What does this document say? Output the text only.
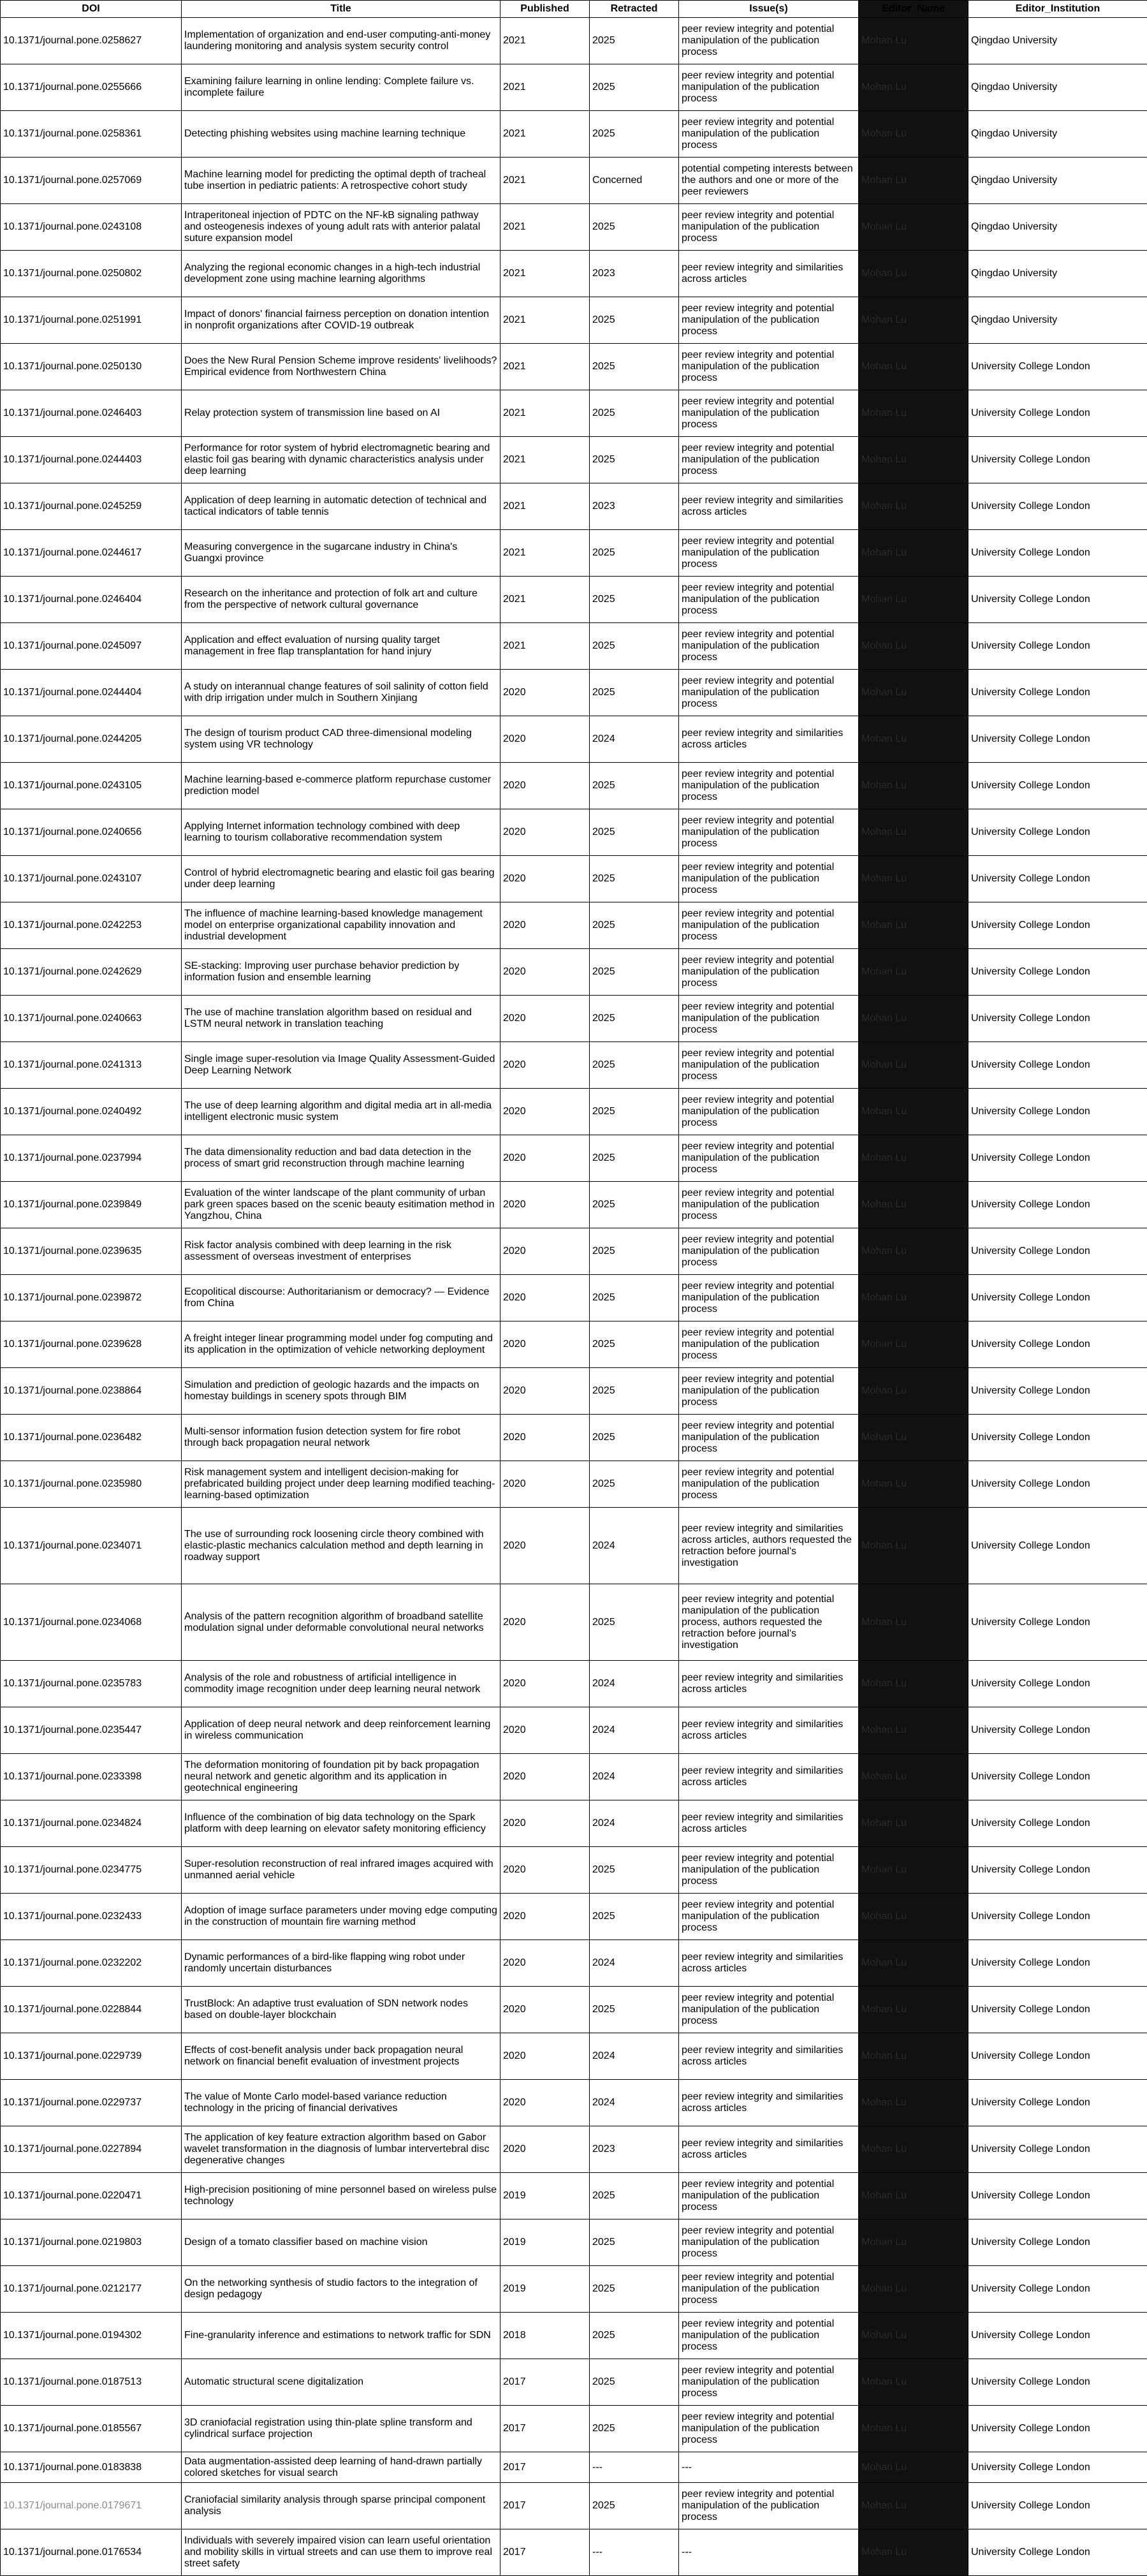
DOI	Title	Published	Retracted	Issue(s)	Editor_Name	Editor_Institution
10.1371/journal.pone.0258627	Implementation of organization and end-user computing-anti-money laundering monitoring and analysis system security control	2021	2025	peer review integrity and potential manipulation of the publication process	Mohan Lu	Qingdao University
10.1371/journal.pone.0255666	Examining failure learning in online lending: Complete failure vs. incomplete failure	2021	2025	peer review integrity and potential manipulation of the publication process	Mohan Lu	Qingdao University
10.1371/journal.pone.0258361	Detecting phishing websites using machine learning technique	2021	2025	peer review integrity and potential manipulation of the publication process	Mohan Lu	Qingdao University
10.1371/journal.pone.0257069	Machine learning model for predicting the optimal depth of tracheal tube insertion in pediatric patients: A retrospective cohort study	2021	Concerned	potential competing interests between the authors and one or more of the peer reviewers	Mohan Lu	Qingdao University
10.1371/journal.pone.0243108	Intraperitoneal injection of PDTC on the NF-kB signaling pathway and osteogenesis indexes of young adult rats with anterior palatal suture expansion model	2021	2025	peer review integrity and potential manipulation of the publication process	Mohan Lu	Qingdao University
10.1371/journal.pone.0250802	Analyzing the regional economic changes in a high-tech industrial development zone using machine learning algorithms	2021	2023	peer review integrity and similarities across articles	Mohan Lu	Qingdao University
10.1371/journal.pone.0251991	Impact of donors' financial fairness perception on donation intention in nonprofit organizations after COVID-19 outbreak	2021	2025	peer review integrity and potential manipulation of the publication process	Mohan Lu	Qingdao University
10.1371/journal.pone.0250130	Does the New Rural Pension Scheme improve residents' livelihoods? Empirical evidence from Northwestern China	2021	2025	peer review integrity and potential manipulation of the publication process	Mohan Lu	University College London
10.1371/journal.pone.0246403	Relay protection system of transmission line based on AI	2021	2025	peer review integrity and potential manipulation of the publication process	Mohan Lu	University College London
10.1371/journal.pone.0244403	Performance for rotor system of hybrid electromagnetic bearing and elastic foil gas bearing with dynamic characteristics analysis under deep learning	2021	2025	peer review integrity and potential manipulation of the publication process	Mohan Lu	University College London
10.1371/journal.pone.0245259	Application of deep learning in automatic detection of technical and tactical indicators of table tennis	2021	2023	peer review integrity and similarities across articles	Mohan Lu	University College London
10.1371/journal.pone.0244617	Measuring convergence in the sugarcane industry in China's Guangxi province	2021	2025	peer review integrity and potential manipulation of the publication process	Mohan Lu	University College London
10.1371/journal.pone.0246404	Research on the inheritance and protection of folk art and culture from the perspective of network cultural governance	2021	2025	peer review integrity and potential manipulation of the publication process	Mohan Lu	University College London
10.1371/journal.pone.0245097	Application and effect evaluation of nursing quality target management in free flap transplantation for hand injury	2021	2025	peer review integrity and potential manipulation of the publication process	Mohan Lu	University College London
10.1371/journal.pone.0244404	A study on interannual change features of soil salinity of cotton field with drip irrigation under mulch in Southern Xinjiang	2020	2025	peer review integrity and potential manipulation of the publication process	Mohan Lu	University College London
10.1371/journal.pone.0244205	The design of tourism product CAD three-dimensional modeling system using VR technology	2020	2024	peer review integrity and similarities across articles	Mohan Lu	University College London
10.1371/journal.pone.0243105	Machine learning-based e-commerce platform repurchase customer prediction model	2020	2025	peer review integrity and potential manipulation of the publication process	Mohan Lu	University College London
10.1371/journal.pone.0240656	Applying Internet information technology combined with deep learning to tourism collaborative recommendation system	2020	2025	peer review integrity and potential manipulation of the publication process	Mohan Lu	University College London
10.1371/journal.pone.0243107	Control of hybrid electromagnetic bearing and elastic foil gas bearing under deep learning	2020	2025	peer review integrity and potential manipulation of the publication process	Mohan Lu	University College London
10.1371/journal.pone.0242253	The influence of machine learning-based knowledge management model on enterprise organizational capability innovation and industrial development	2020	2025	peer review integrity and potential manipulation of the publication process	Mohan Lu	University College London
10.1371/journal.pone.0242629	SE-stacking: Improving user purchase behavior prediction by information fusion and ensemble learning	2020	2025	peer review integrity and potential manipulation of the publication process	Mohan Lu	University College London
10.1371/journal.pone.0240663	The use of machine translation algorithm based on residual and LSTM neural network in translation teaching	2020	2025	peer review integrity and potential manipulation of the publication process	Mohan Lu	University College London
10.1371/journal.pone.0241313	Single image super-resolution via Image Quality Assessment-Guided Deep Learning Network	2020	2025	peer review integrity and potential manipulation of the publication process	Mohan Lu	University College London
10.1371/journal.pone.0240492	The use of deep learning algorithm and digital media art in all-media intelligent electronic music system	2020	2025	peer review integrity and potential manipulation of the publication process	Mohan Lu	University College London
10.1371/journal.pone.0237994	The data dimensionality reduction and bad data detection in the process of smart grid reconstruction through machine learning	2020	2025	peer review integrity and potential manipulation of the publication process	Mohan Lu	University College London
10.1371/journal.pone.0239849	Evaluation of the winter landscape of the plant community of urban park green spaces based on the scenic beauty esitimation method in Yangzhou, China	2020	2025	peer review integrity and potential manipulation of the publication process	Mohan Lu	University College London
10.1371/journal.pone.0239635	Risk factor analysis combined with deep learning in the risk assessment of overseas investment of enterprises	2020	2025	peer review integrity and potential manipulation of the publication process	Mohan Lu	University College London
10.1371/journal.pone.0239872	Ecopolitical discourse: Authoritarianism or democracy? — Evidence from China	2020	2025	peer review integrity and potential manipulation of the publication process	Mohan Lu	University College London
10.1371/journal.pone.0239628	A freight integer linear programming model under fog computing and its application in the optimization of vehicle networking deployment	2020	2025	peer review integrity and potential manipulation of the publication process	Mohan Lu	University College London
10.1371/journal.pone.0238864	Simulation and prediction of geologic hazards and the impacts on homestay buildings in scenery spots through BIM	2020	2025	peer review integrity and potential manipulation of the publication process	Mohan Lu	University College London
10.1371/journal.pone.0236482	Multi-sensor information fusion detection system for fire robot through back propagation neural network	2020	2025	peer review integrity and potential manipulation of the publication process	Mohan Lu	University College London
10.1371/journal.pone.0235980	Risk management system and intelligent decision-making for prefabricated building project under deep learning modified teaching-learning-based optimization	2020	2025	peer review integrity and potential manipulation of the publication process	Mohan Lu	University College London
10.1371/journal.pone.0234071	The use of surrounding rock loosening circle theory combined with elastic-plastic mechanics calculation method and depth learning in roadway support	2020	2024	peer review integrity and similarities across articles, authors requested the retraction before journal's investigation	Mohan Lu	University College London
10.1371/journal.pone.0234068	Analysis of the pattern recognition algorithm of broadband satellite modulation signal under deformable convolutional neural networks	2020	2025	peer review integrity and potential manipulation of the publication process, authors requested the retraction before journal's investigation	Mohan Lu	University College London
10.1371/journal.pone.0235783	Analysis of the role and robustness of artificial intelligence in commodity image recognition under deep learning neural network	2020	2024	peer review integrity and similarities across articles	Mohan Lu	University College London
10.1371/journal.pone.0235447	Application of deep neural network and deep reinforcement learning in wireless communication	2020	2024	peer review integrity and similarities across articles	Mohan Lu	University College London
10.1371/journal.pone.0233398	The deformation monitoring of foundation pit by back propagation neural network and genetic algorithm and its application in geotechnical engineering	2020	2024	peer review integrity and similarities across articles	Mohan Lu	University College London
10.1371/journal.pone.0234824	Influence of the combination of big data technology on the Spark platform with deep learning on elevator safety monitoring efficiency	2020	2024	peer review integrity and similarities across articles	Mohan Lu	University College London
10.1371/journal.pone.0234775	Super-resolution reconstruction of real infrared images acquired with unmanned aerial vehicle	2020	2025	peer review integrity and potential manipulation of the publication process	Mohan Lu	University College London
10.1371/journal.pone.0232433	Adoption of image surface parameters under moving edge computing in the construction of mountain fire warning method	2020	2025	peer review integrity and potential manipulation of the publication process	Mohan Lu	University College London
10.1371/journal.pone.0232202	Dynamic performances of a bird-like flapping wing robot under randomly uncertain disturbances	2020	2024	peer review integrity and similarities across articles	Mohan Lu	University College London
10.1371/journal.pone.0228844	TrustBlock: An adaptive trust evaluation of SDN network nodes based on double-layer blockchain	2020	2025	peer review integrity and potential manipulation of the publication process	Mohan Lu	University College London
10.1371/journal.pone.0229739	Effects of cost-benefit analysis under back propagation neural network on financial benefit evaluation of investment projects	2020	2024	peer review integrity and similarities across articles	Mohan Lu	University College London
10.1371/journal.pone.0229737	The value of Monte Carlo model-based variance reduction technology in the pricing of financial derivatives	2020	2024	peer review integrity and similarities across articles	Mohan Lu	University College London
10.1371/journal.pone.0227894	The application of key feature extraction algorithm based on Gabor wavelet transformation in the diagnosis of lumbar intervertebral disc degenerative changes	2020	2023	peer review integrity and similarities across articles	Mohan Lu	University College London
10.1371/journal.pone.0220471	High-precision positioning of mine personnel based on wireless pulse technology	2019	2025	peer review integrity and potential manipulation of the publication process	Mohan Lu	University College London
10.1371/journal.pone.0219803	Design of a tomato classifier based on machine vision	2019	2025	peer review integrity and potential manipulation of the publication process	Mohan Lu	University College London
10.1371/journal.pone.0212177	On the networking synthesis of studio factors to the integration of design pedagogy	2019	2025	peer review integrity and potential manipulation of the publication process	Mohan Lu	University College London
10.1371/journal.pone.0194302	Fine-granularity inference and estimations to network traffic for SDN	2018	2025	peer review integrity and potential manipulation of the publication process	Mohan Lu	University College London
10.1371/journal.pone.0187513	Automatic structural scene digitalization	2017	2025	peer review integrity and potential manipulation of the publication process	Mohan Lu	University College London
10.1371/journal.pone.0185567	3D craniofacial registration using thin-plate spline transform and cylindrical surface projection	2017	2025	peer review integrity and potential manipulation of the publication process	Mohan Lu	University College London
10.1371/journal.pone.0183838	Data augmentation-assisted deep learning of hand-drawn partially colored sketches for visual search	2017	---	---	Mohan Lu	University College London
10.1371/journal.pone.0179671	Craniofacial similarity analysis through sparse principal component analysis	2017	2025	peer review integrity and potential manipulation of the publication process	Mohan Lu	University College London
10.1371/journal.pone.0176534	Individuals with severely impaired vision can learn useful orientation and mobility skills in virtual streets and can use them to improve real street safety	2017	---	---	Mohan Lu	University College London
